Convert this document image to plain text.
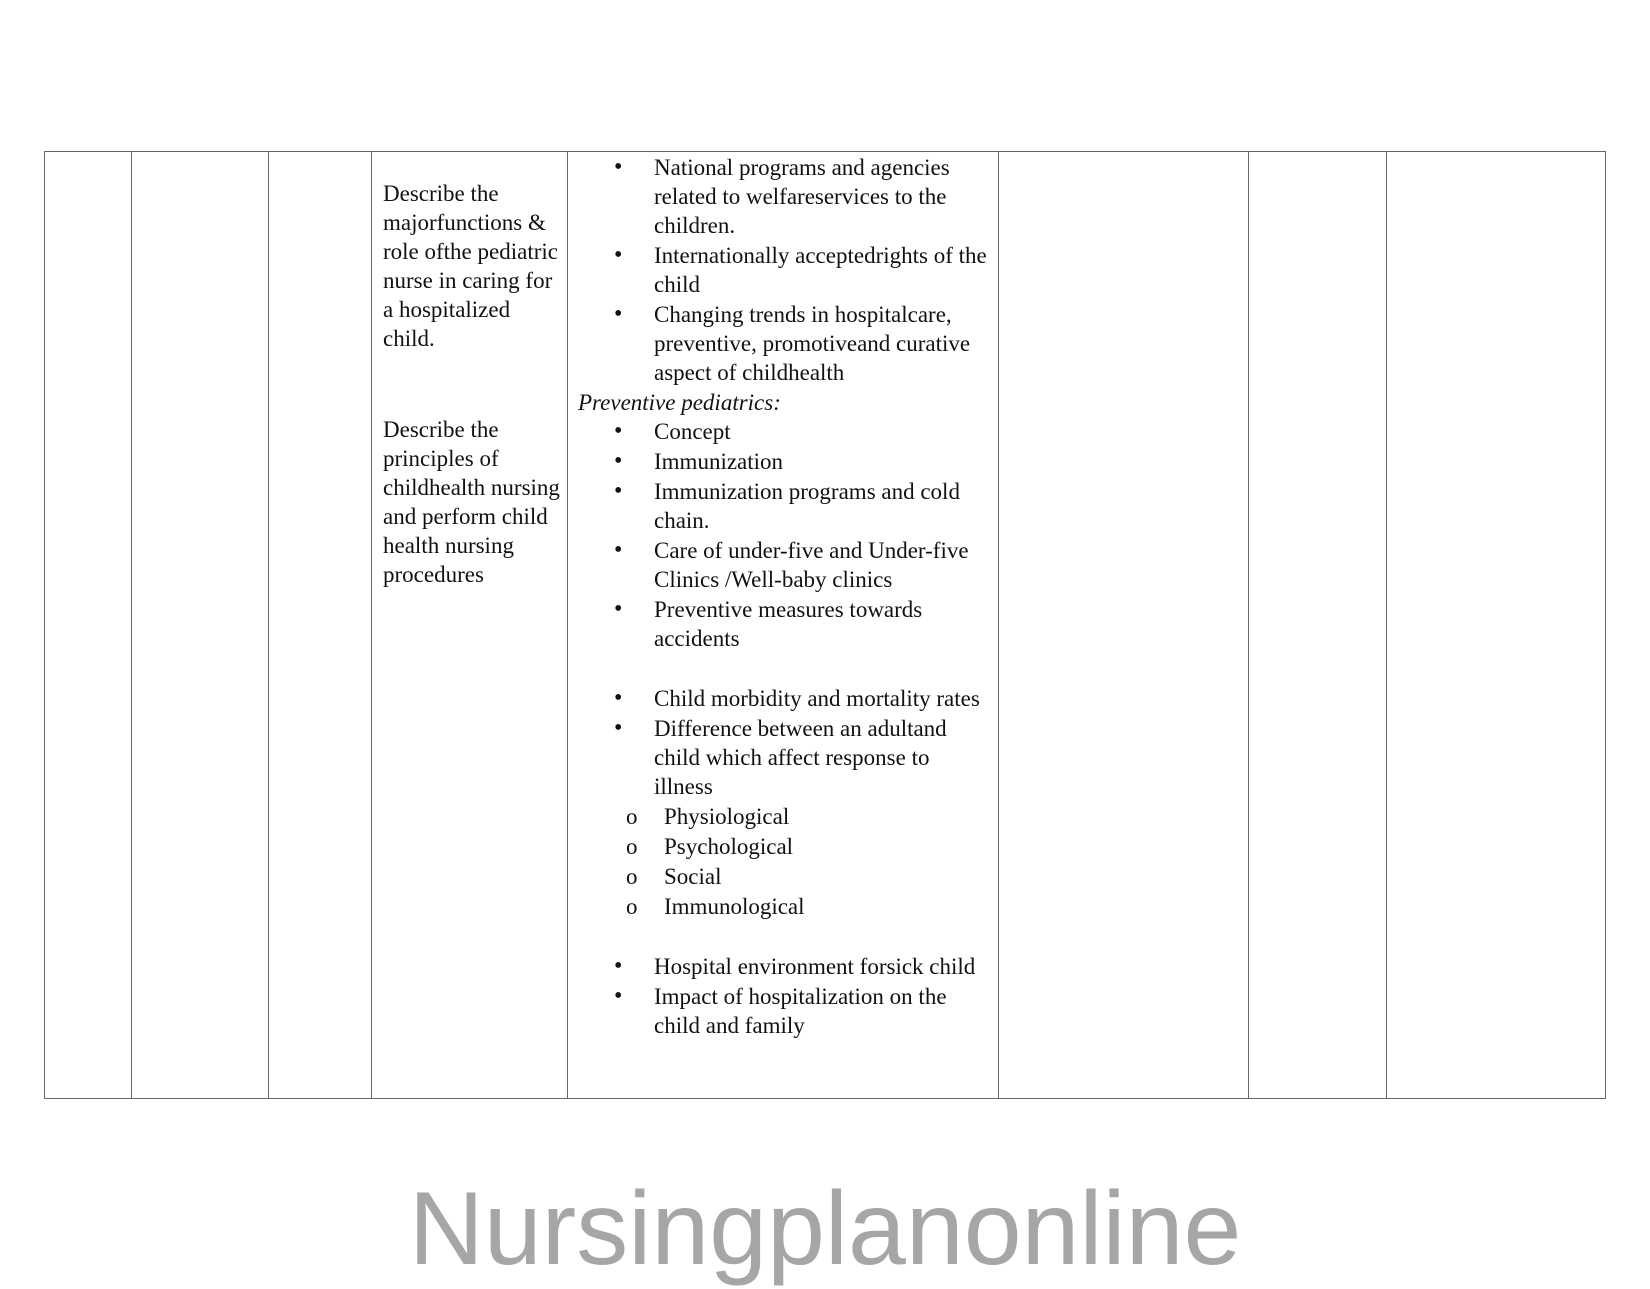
Describe the majorfunctions & role ofthe pediatric nurse in caring for a hospitalized child.

Describe the principles of childhealth nursing and perform child health nursing procedures

• National programs and agencies related to welfareservices to the children.
• Internationally acceptedrights of the child
• Changing trends in hospitalcare, preventive, promotiveand curative aspect of childhealth
Preventive pediatrics:
• Concept
• Immunization
• Immunization programs and cold chain.
• Care of under-five and Under-five Clinics /Well-baby clinics
• Preventive measures towards accidents
• Child morbidity and mortality rates
• Difference between an adultand child which affect response to illness
o Physiological
o Psychological
o Social
o Immunological
• Hospital environment forsick child
• Impact of hospitalization on the child and family
Nursingplanonline
